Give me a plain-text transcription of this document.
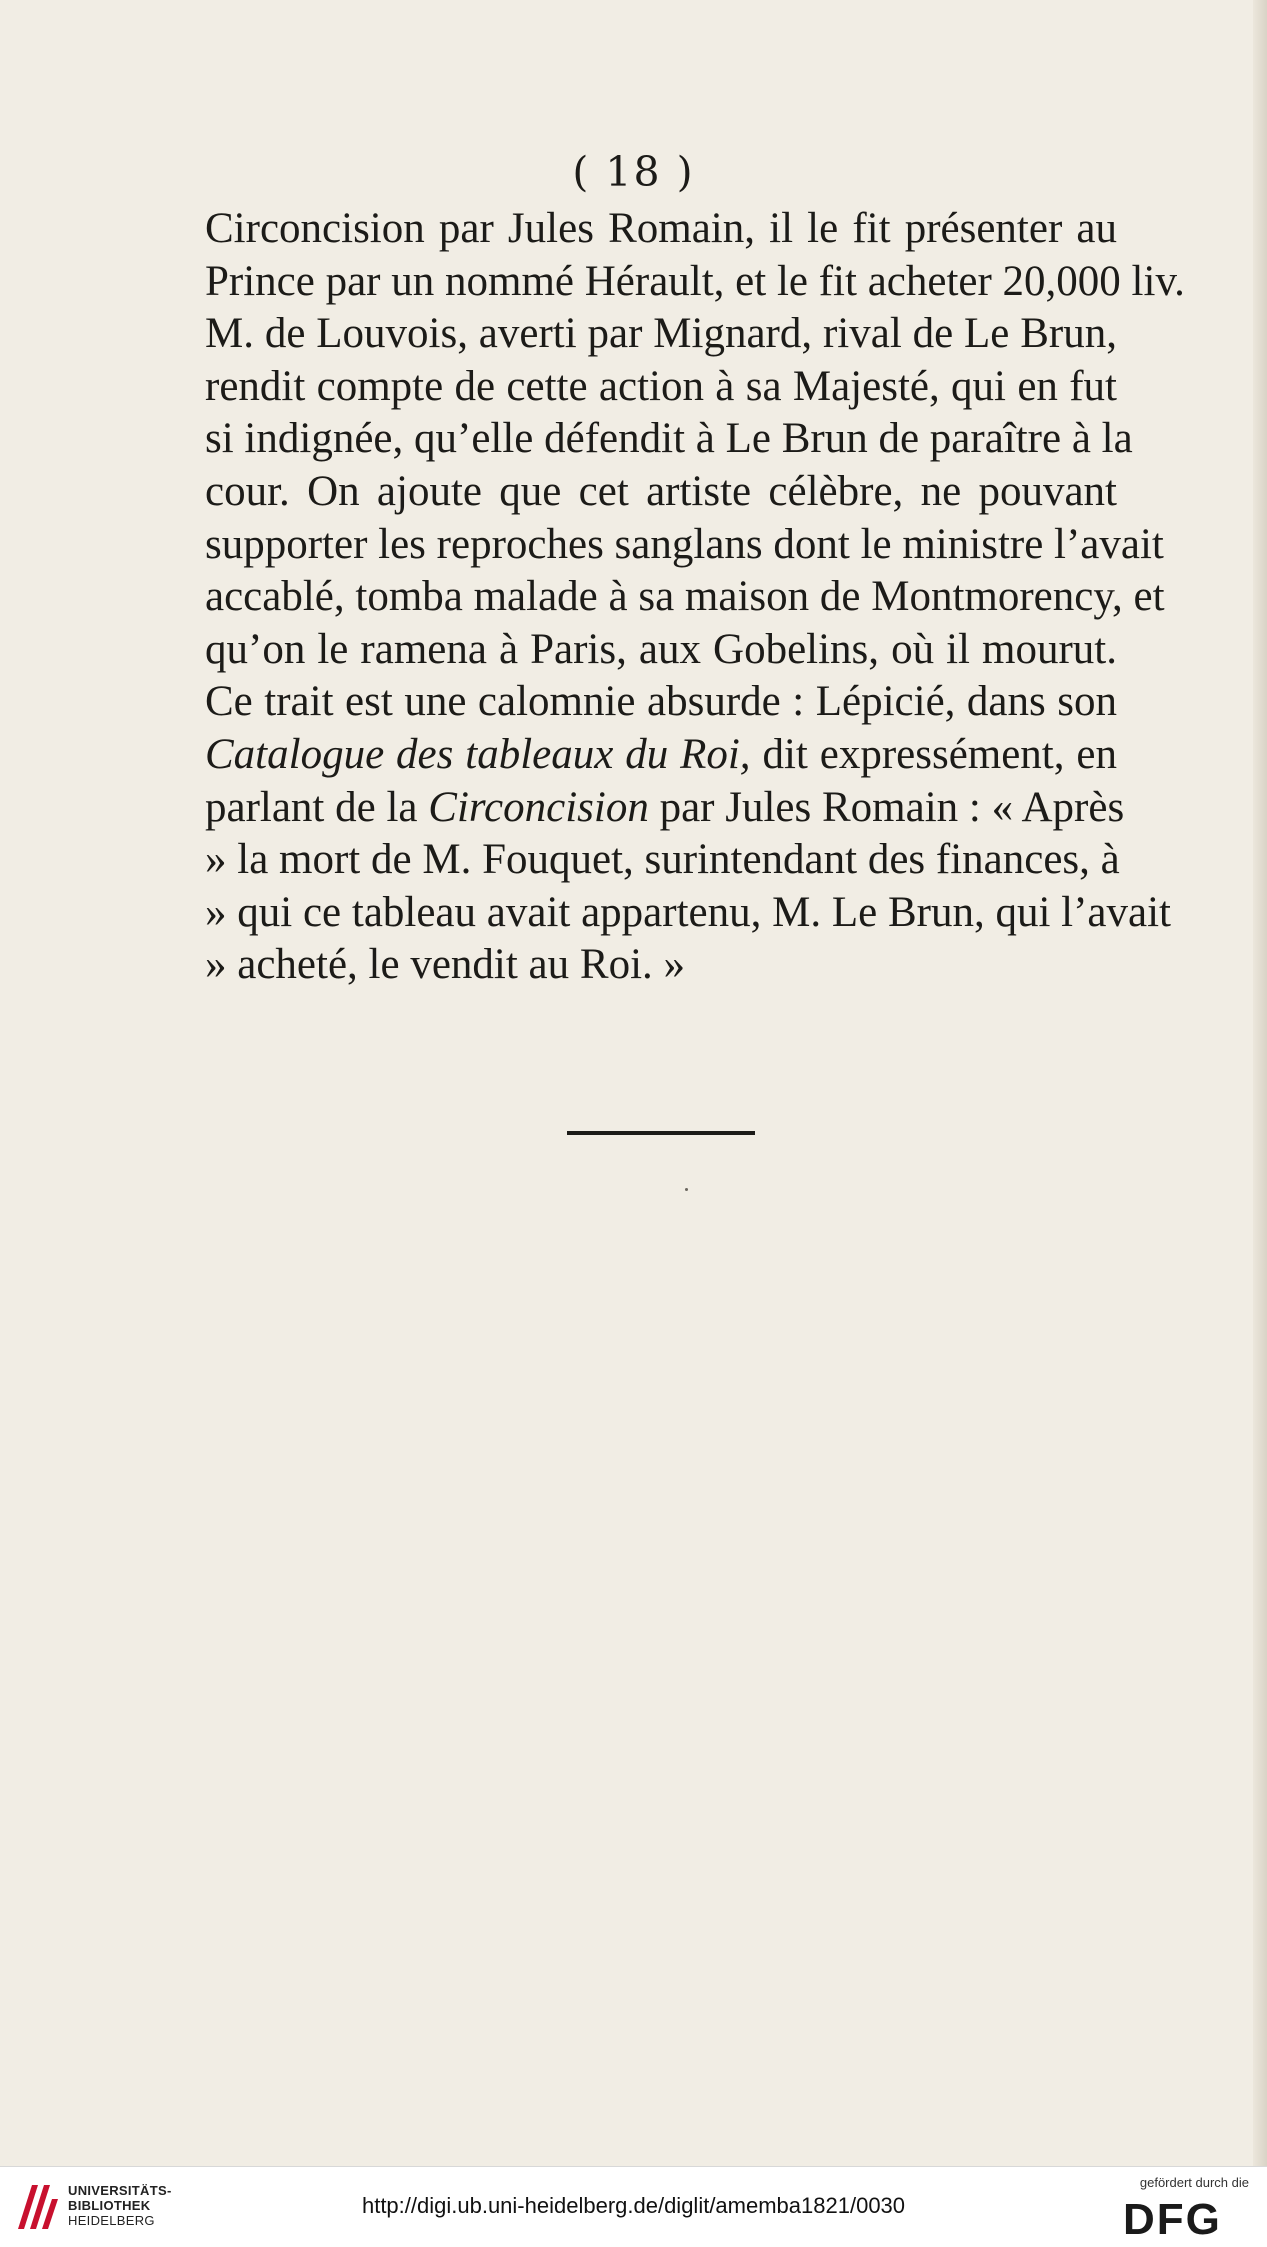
( 18 )
Circoncision par Jules Romain, il le fit présenter au
Prince par un nommé Hérault, et le fit acheter 20,000 liv.
M. de Louvois, averti par Mignard, rival de Le Brun,
rendit compte de cette action à sa Majesté, qui en fut
si indignée, qu’elle défendit à Le Brun de paraître à la
cour. On ajoute que cet artiste célèbre, ne pouvant
supporter les reproches sanglans dont le ministre l’avait
accablé, tomba malade à sa maison de Montmorency, et
qu’on le ramena à Paris, aux Gobelins, où il mourut.
Ce trait est une calomnie absurde : Lépicié, dans son
Catalogue des tableaux du Roi, dit expressément, en
parlant de la Circoncision par Jules Romain : « Après
» la mort de M. Fouquet, surintendant des finances, à
» qui ce tableau avait appartenu, M. Le Brun, qui l’avait
» acheté, le vendit au Roi. »
UNIVERSITÄTS-
BIBLIOTHEK
HEIDELBERG
http://digi.ub.uni-heidelberg.de/diglit/amemba1821/0030
gefördert durch die
DFG
